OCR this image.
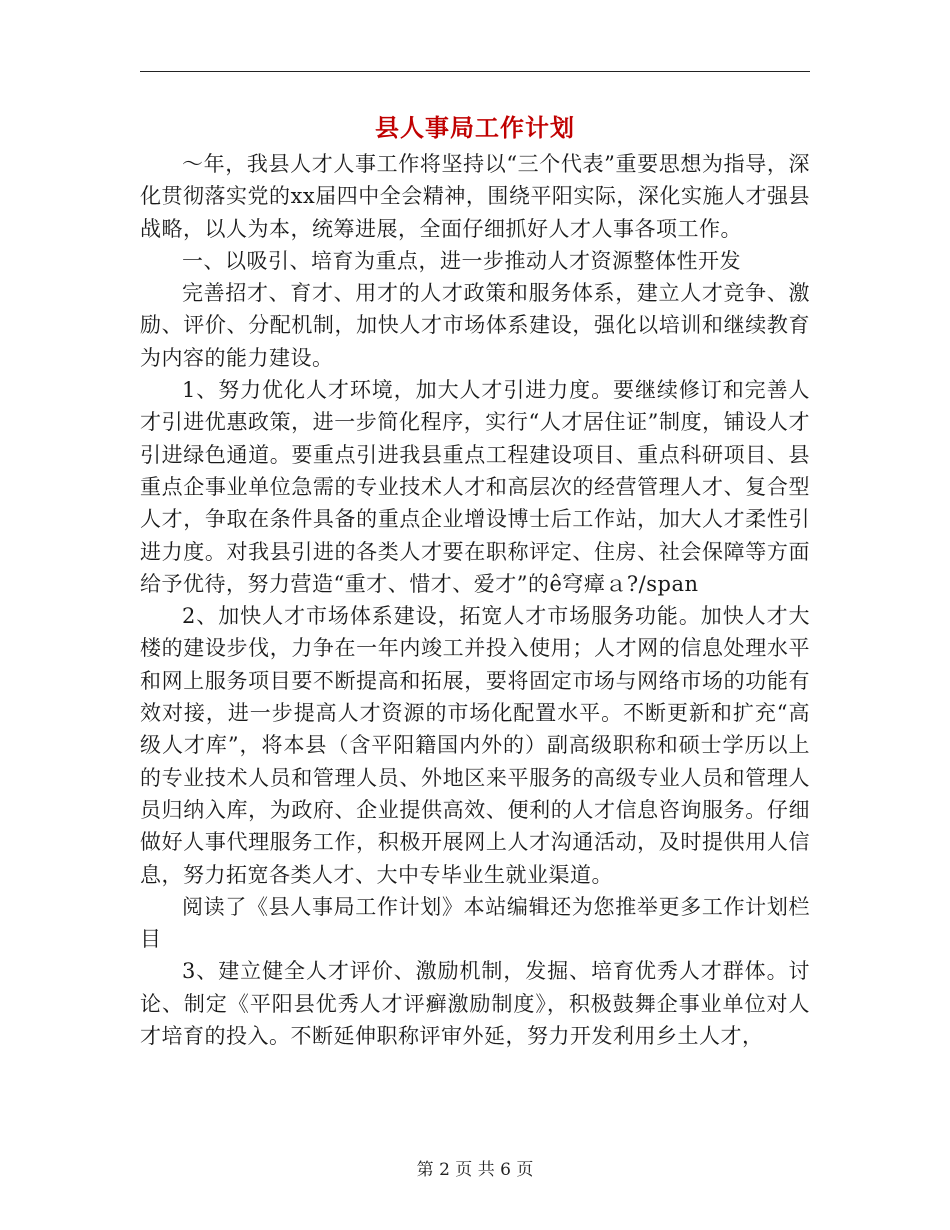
县人事局工作计划

～年，我县人才人事工作将坚持以“三个代表”重要思想为指导，深化贯彻落实党的xx届四中全会精神，围绕平阳实际，深化实施人才强县战略，以人为本，统筹进展，全面仔细抓好人才人事各项工作。

一、以吸引、培育为重点，进一步推动人才资源整体性开发

完善招才、育才、用才的人才政策和服务体系，建立人才竞争、激励、评价、分配机制，加快人才市场体系建设，强化以培训和继续教育为内容的能力建设。

1、努力优化人才环境，加大人才引进力度。要继续修订和完善人才引进优惠政策，进一步简化程序，实行“人才居住证”制度，铺设人才引进绿色通道。要重点引进我县重点工程建设项目、重点科研项目、县重点企事业单位急需的专业技术人才和高层次的经营管理人才、复合型人才，争取在条件具备的重点企业增设博士后工作站，加大人才柔性引进力度。对我县引进的各类人才要在职称评定、住房、社会保障等方面给予优待，努力营造“重才、惜才、爱才”的ê穹瘴ａ?/span

2、加快人才市场体系建设，拓宽人才市场服务功能。加快人才大楼的建设步伐，力争在一年内竣工并投入使用；人才网的信息处理水平和网上服务项目要不断提高和拓展，要将固定市场与网络市场的功能有效对接，进一步提高人才资源的市场化配置水平。不断更新和扩充“高级人才库”，将本县（含平阳籍国内外的）副高级职称和硕士学历以上的专业技术人员和管理人员、外地区来平服务的高级专业人员和管理人员归纳入库，为政府、企业提供高效、便利的人才信息咨询服务。仔细做好人事代理服务工作，积极开展网上人才沟通活动，及时提供用人信息，努力拓宽各类人才、大中专毕业生就业渠道。

阅读了《县人事局工作计划》本站编辑还为您推举更多工作计划栏目

3、建立健全人才评价、激励机制，发掘、培育优秀人才群体。讨论、制定《平阳县优秀人才评癣激励制度》，积极鼓舞企事业单位对人才培育的投入。不断延伸职称评审外延，努力开发利用乡土人才，

第 2 页 共 6 页
